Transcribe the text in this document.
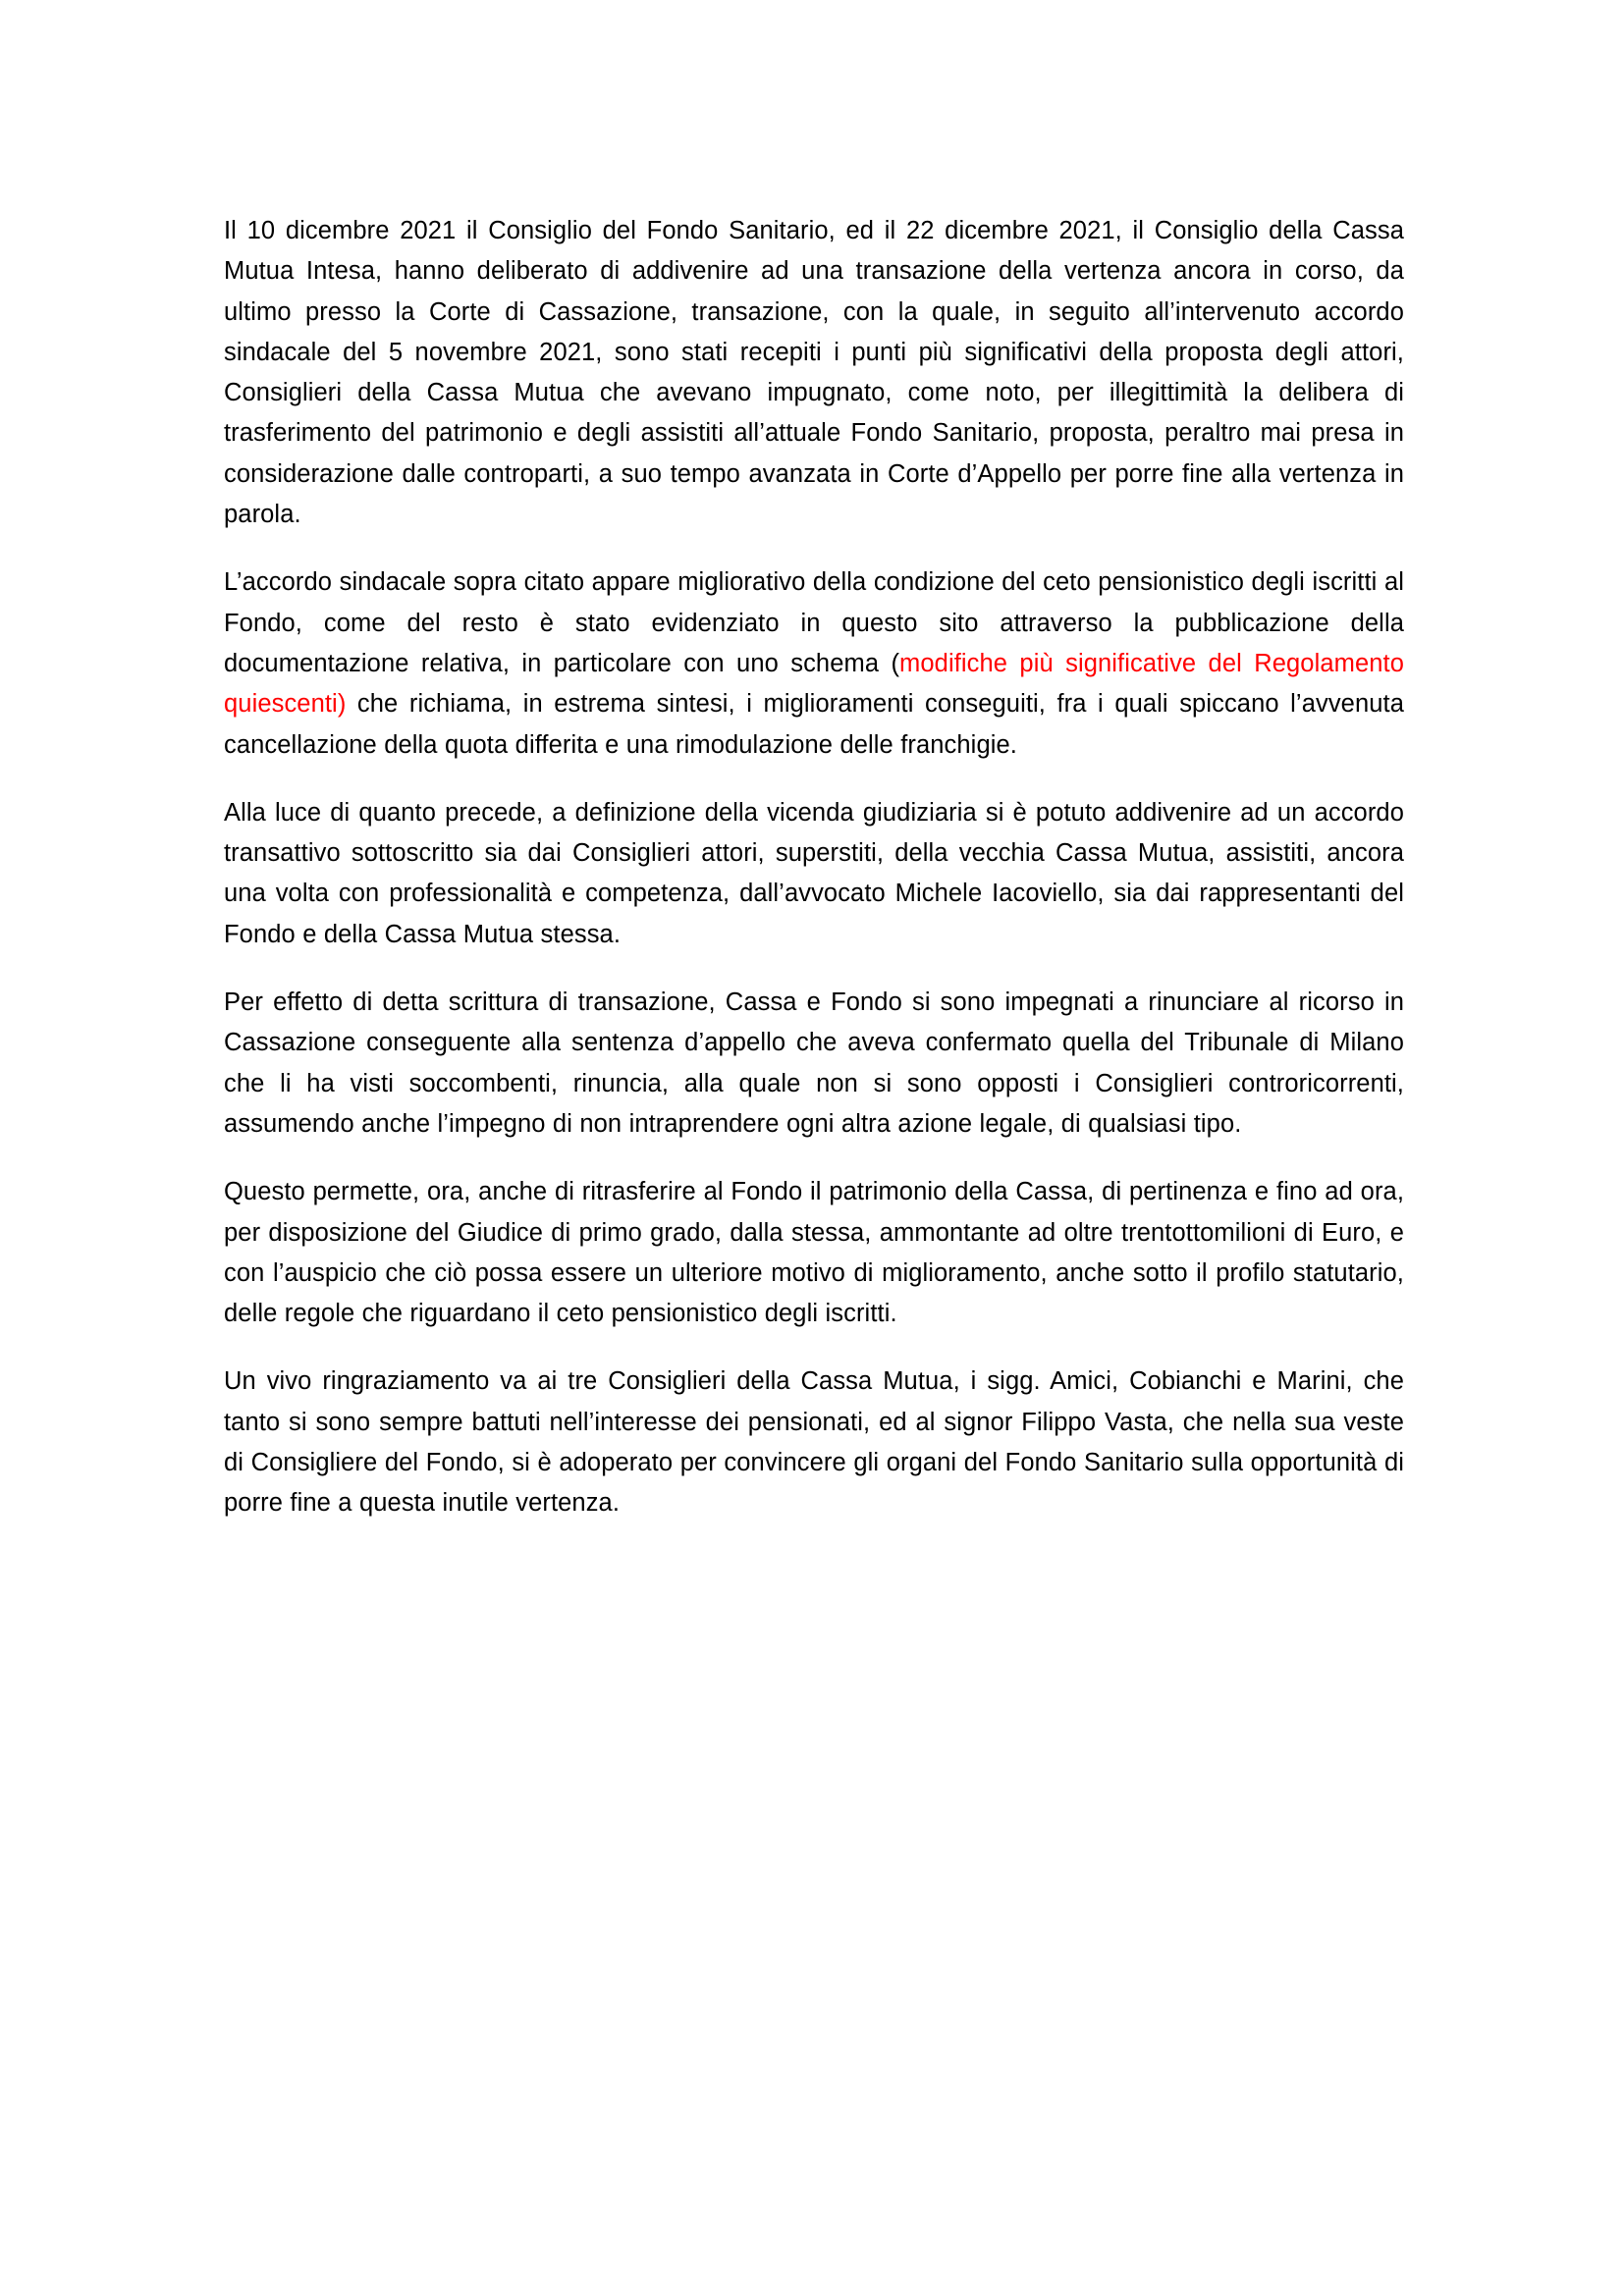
Il 10 dicembre 2021 il Consiglio del Fondo Sanitario, ed il 22 dicembre 2021, il Consiglio della Cassa Mutua Intesa, hanno deliberato di addivenire ad una transazione della vertenza ancora in corso, da ultimo presso la Corte di Cassazione, transazione, con la quale, in seguito all’intervenuto accordo sindacale del 5 novembre 2021, sono stati recepiti i punti più significativi della proposta degli attori, Consiglieri della Cassa Mutua che avevano impugnato, come noto, per illegittimità la delibera di trasferimento del patrimonio e degli assistiti all’attuale Fondo Sanitario, proposta, peraltro mai presa in considerazione dalle controparti, a suo tempo avanzata in Corte d’Appello per porre fine alla vertenza in parola.

L’accordo sindacale sopra citato appare migliorativo della condizione del ceto pensionistico degli iscritti al Fondo, come del resto è stato evidenziato in questo sito attraverso la pubblicazione della documentazione relativa, in particolare con uno schema (modifiche più significative del Regolamento quiescenti) che richiama, in estrema sintesi, i miglioramenti conseguiti, fra i quali spiccano l’avvenuta cancellazione della quota differita e una rimodulazione delle franchigie.

Alla luce di quanto precede, a definizione della vicenda giudiziaria si è potuto addivenire ad un accordo transattivo sottoscritto sia dai Consiglieri attori, superstiti, della vecchia Cassa Mutua, assistiti, ancora una volta con professionalità e competenza, dall’avvocato Michele Iacoviello, sia dai rappresentanti del Fondo e della Cassa Mutua stessa.

Per effetto di detta scrittura di transazione, Cassa e Fondo si sono impegnati a rinunciare al ricorso in Cassazione conseguente alla sentenza d’appello che aveva confermato quella del Tribunale di Milano che li ha visti soccombenti, rinuncia, alla quale non si sono opposti i Consiglieri controricorrenti, assumendo anche l’impegno di non intraprendere ogni altra azione legale, di qualsiasi tipo.

Questo permette, ora, anche di ritrasferire al Fondo il patrimonio della Cassa, di pertinenza e fino ad ora, per disposizione del Giudice di primo grado, dalla stessa, ammontante ad oltre trentottomilioni di Euro, e con l’auspicio che ciò possa essere un ulteriore motivo di miglioramento, anche sotto il profilo statutario, delle regole che riguardano il ceto pensionistico degli iscritti.

Un vivo ringraziamento va ai tre Consiglieri della Cassa Mutua, i sigg. Amici, Cobianchi e Marini, che tanto si sono sempre battuti nell’interesse dei pensionati, ed al signor Filippo Vasta, che nella sua veste di Consigliere del Fondo, si è adoperato per convincere gli organi del Fondo Sanitario sulla opportunità di porre fine a questa inutile vertenza.
